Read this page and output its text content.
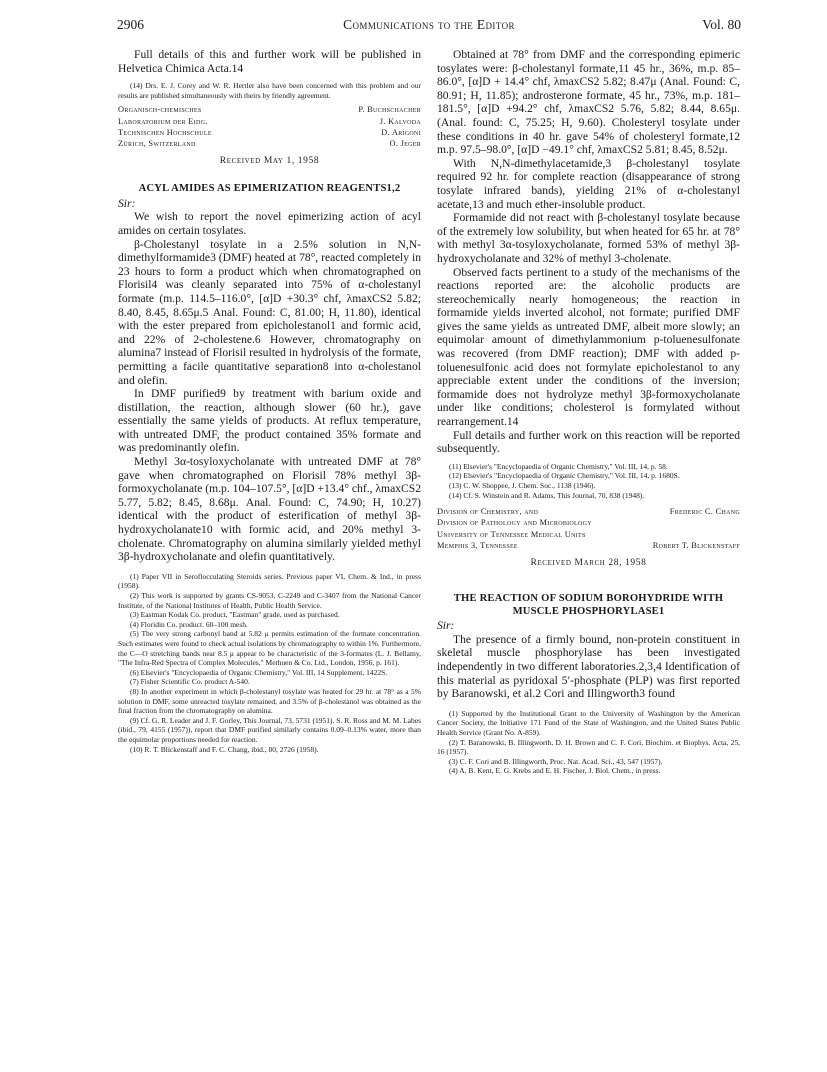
2906	Communications to the Editor	Vol. 80

Full details of this and further work will be published in Helvetica Chimica Acta.14

(14) Drs. E. J. Corey and W. R. Hertler also have been concerned with this problem and our results are published simultaneously with theirs by friendly agreement.

Organisch-chemisches	P. Buchschacher
Laboratorium der Eidg.	J. Kalvoda
Technischen Hochschule	D. Arigoni
Zürich, Switzerland	O. Jeger

Received May 1, 1958

ACYL AMIDES AS EPIMERIZATION REAGENTS1,2

Sir:

We wish to report the novel epimerizing action of acyl amides on certain tosylates.

β-Cholestanyl tosylate in a 2.5% solution in N,N-dimethylformamide3 (DMF) heated at 78°, reacted completely in 23 hours to form a product which when chromatographed on Florisil4 was cleanly separated into 75% of α-cholestanyl formate (m.p. 114.5–116.0°, [α]D +30.3° chf, λmaxCS2 5.82; 8.40, 8.45, 8.65μ.5 Anal. Found: C, 81.00; H, 11.80), identical with the ester prepared from epicholestanol1 and formic acid, and 22% of 2-cholestene.6 However, chromatography on alumina7 instead of Florisil resulted in hydrolysis of the formate, permitting a facile quantitative separation8 into α-cholestanol and olefin.

In DMF purified9 by treatment with barium oxide and distillation, the reaction, although slower (60 hr.), gave essentially the same yields of products. At reflux temperature, with untreated DMF, the product contained 35% formate and was predominantly olefin.

Methyl 3α-tosyloxycholanate with untreated DMF at 78° gave when chromatographed on Florisil 78% methyl 3β-formoxycholanate (m.p. 104–107.5°, [α]D +13.4° chf., λmaxCS2 5.77, 5.82; 8.45, 8.68μ. Anal. Found: C, 74.90; H, 10.27) identical with the product of esterification of methyl 3β-hydroxycholanate10 with formic acid, and 20% methyl 3-cholenate. Chromatography on alumina similarly yielded methyl 3β-hydroxycholanate and olefin quantitatively.

(1) Paper VII in Seroflocculating Steroids series. Previous paper VI, Chem. & Ind., in press (1958).

(2) This work is supported by grants CS-9053, C-2249 and C-3407 from the National Cancer Institute, of the National Institutes of Health, Public Health Service.

(3) Eastman Kodak Co. product, "Eastman" grade, used as purchased.

(4) Floridin Co. product. 60–100 mesh.

(5) The very strong carbonyl band at 5.82 μ permits estimation of the formate concentration. Such estimates were found to check actual isolations by chromatography to within 1%. Furthermore, the C—O stretching bands near 8.5 μ appear to be characteristic of the 3-formates (L. J. Bellamy, "The Infra-Red Spectra of Complex Molecules," Methuen & Co. Ltd., London, 1956, p. 161).

(6) Elsevier's "Encyclopaedia of Organic Chemistry," Vol. III, 14 Supplement, 1422S.

(7) Fisher Scientific Co. product A-540.

(8) In another experiment in which β-cholestanyl tosylate was heated for 29 hr. at 78° as a 5% solution in DMF, some unreacted tosylate remained, and 3.5% of β-cholestanol was obtained as the final fraction from the chromatography on alumina.

(9) Cf. G. R. Leader and J. F. Gorley, This Journal, 73, 5731 (1951). S. R. Ross and M. M. Labes (ibid., 79, 4155 (1957)), report that DMF purified similarly contains 0.09–0.13% water, more than the equimolar proportions needed for reaction.

(10) R. T. Blickenstaff and F. C. Chang, ibid., 80, 2726 (1958).

Obtained at 78° from DMF and the corresponding epimeric tosylates were: β-cholestanyl formate,11 45 hr., 36%, m.p. 85–86.0°, [α]D + 14.4° chf, λmaxCS2 5.82; 8.47μ (Anal. Found: C, 80.91; H, 11.85); androsterone formate, 45 hr., 73%, m.p. 181–181.5°, [α]D +94.2° chf, λmaxCS2 5.76, 5.82; 8.44, 8.65μ. (Anal. found: C, 75.25; H, 9.60). Cholesteryl tosylate under these conditions in 40 hr. gave 54% of cholesteryl formate,12 m.p. 97.5–98.0°, [α]D −49.1° chf, λmaxCS2 5.81; 8.45, 8.52μ.

With N,N-dimethylacetamide,3 β-cholestanyl tosylate required 92 hr. for complete reaction (disappearance of strong tosylate infrared bands), yielding 21% of α-cholestanyl acetate,13 and much ether-insoluble product.

Formamide did not react with β-cholestanyl tosylate because of the extremely low solubility, but when heated for 65 hr. at 78° with methyl 3α-tosyloxycholanate, formed 53% of methyl 3β-hydroxycholanate and 32% of methyl 3-cholenate.

Observed facts pertinent to a study of the mechanisms of the reactions reported are: the alcoholic products are stereochemically nearly homogeneous; the reaction in formamide yields inverted alcohol, not formate; purified DMF gives the same yields as untreated DMF, albeit more slowly; an equimolar amount of dimethylammonium p-toluenesulfonate was recovered (from DMF reaction); DMF with added p-toluenesulfonic acid does not formylate epicholestanol to any appreciable extent under the conditions of the inversion; formamide does not hydrolyze methyl 3β-formoxycholanate under like conditions; cholesterol is formylated without rearrangement.14

Full details and further work on this reaction will be reported subsequently.

(11) Elsevier's "Encyclopaedia of Organic Chemistry," Vol. III, 14, p. 58.

(12) Elsevier's "Encyclopaedia of Organic Chemistry," Vol. III, 14, p. 1680S.

(13) C. W. Shoppee, J. Chem. Soc., 1138 (1946).

(14) Cf. S. Winstein and R. Adams, This Journal, 70, 838 (1948).

Division of Chemistry, and	Frederic C. Chang
Division of Pathology and Microbiology
University of Tennessee Medical Units
Memphis 3, Tennessee	Robert T. Blickenstaff

Received March 28, 1958

THE REACTION OF SODIUM BOROHYDRIDE WITH MUSCLE PHOSPHORYLASE1

Sir:

The presence of a firmly bound, non-protein constituent in skeletal muscle phosphorylase has been investigated independently in two different laboratories.2,3,4 Identification of this material as pyridoxal 5′-phosphate (PLP) was first reported by Baranowski, et al.2 Cori and Illingworth3 found

(1) Supported by the Institutional Grant to the University of Washington by the American Cancer Society, the Initiative 171 Fund of the State of Washington, and the United States Public Health Service (Grant No. A-859).

(2) T. Baranowski, B. Illingworth, D. H. Brown and C. F. Cori, Biochim. et Biophys. Acta, 25, 16 (1957).

(3) C. F. Cori and B. Illingworth, Proc. Nat. Acad. Sci., 43, 547 (1957).

(4) A. B. Kent, E. G. Krebs and E. H. Fischer, J. Biol. Chem., in press.
